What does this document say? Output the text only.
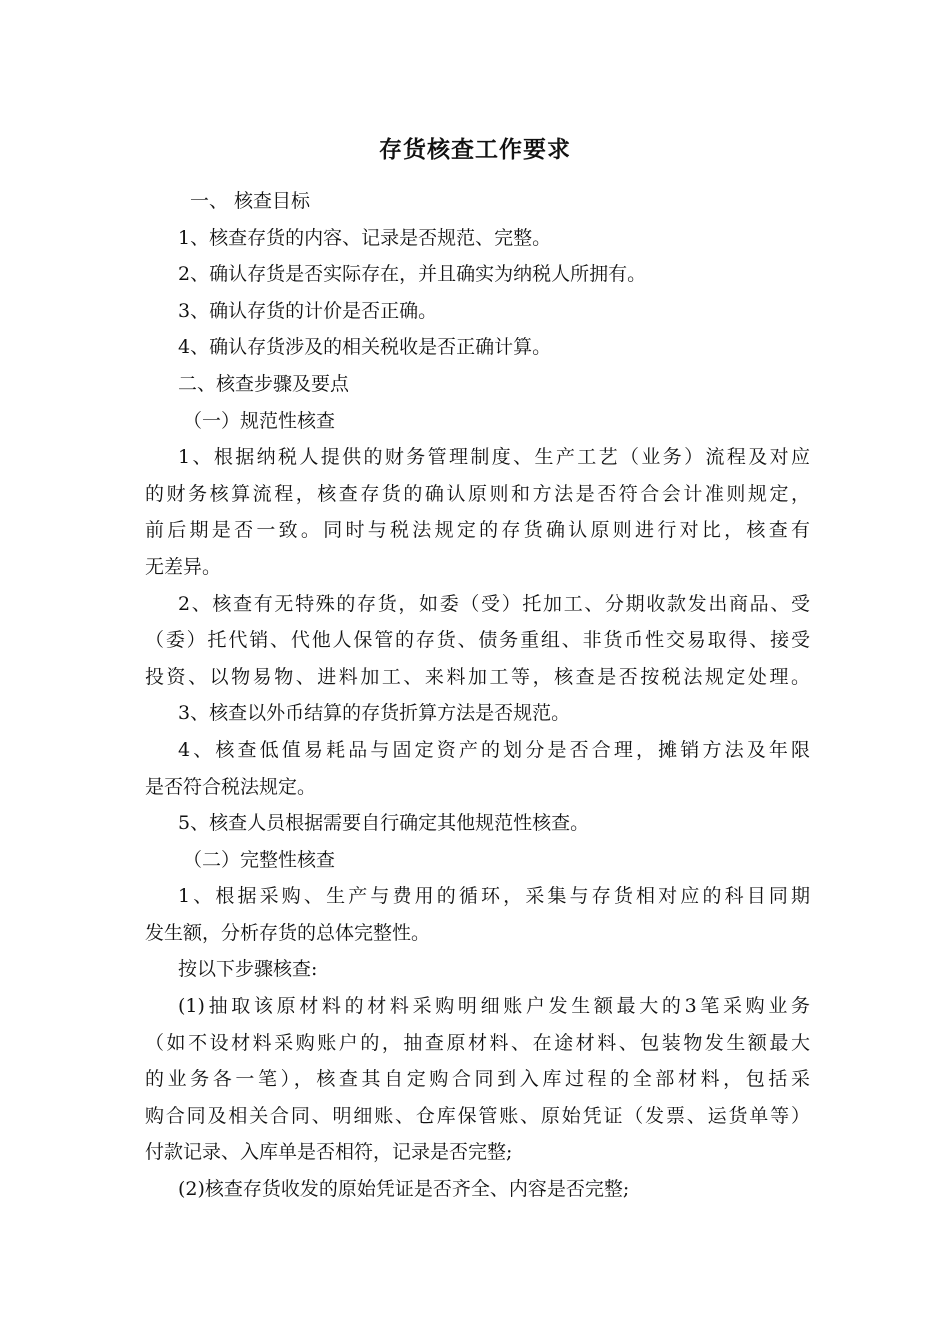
存货核查工作要求
一、 核查目标
1、核查存货的内容、记录是否规范、完整。
2、确认存货是否实际存在，并且确实为纳税人所拥有。
3、确认存货的计价是否正确。
4、确认存货涉及的相关税收是否正确计算。
二、核查步骤及要点
（一）规范性核查
1、根据纳税人提供的财务管理制度、生产工艺（业务）流程及对应
的财务核算流程，核查存货的确认原则和方法是否符合会计准则规定，
前后期是否一致。同时与税法规定的存货确认原则进行对比，核查有
无差异。
2、核查有无特殊的存货，如委（受）托加工、分期收款发出商品、受
（委）托代销、代他人保管的存货、债务重组、非货币性交易取得、接受
投资、以物易物、进料加工、来料加工等，核查是否按税法规定处理。
3、核查以外币结算的存货折算方法是否规范。
4、核查低值易耗品与固定资产的划分是否合理，摊销方法及年限
是否符合税法规定。
5、核查人员根据需要自行确定其他规范性核查。
（二）完整性核查
1、根据采购、生产与费用的循环，采集与存货相对应的科目同期
发生额，分析存货的总体完整性。
按以下步骤核查:
(1)抽取该原材料的材料采购明细账户发生额最大的3笔采购业务
（如不设材料采购账户的，抽查原材料、在途材料、包装物发生额最大
的业务各一笔），核查其自定购合同到入库过程的全部材料，包括采
购合同及相关合同、明细账、仓库保管账、原始凭证（发票、运货单等）
付款记录、入库单是否相符，记录是否完整;
(2)核查存货收发的原始凭证是否齐全、内容是否完整;
